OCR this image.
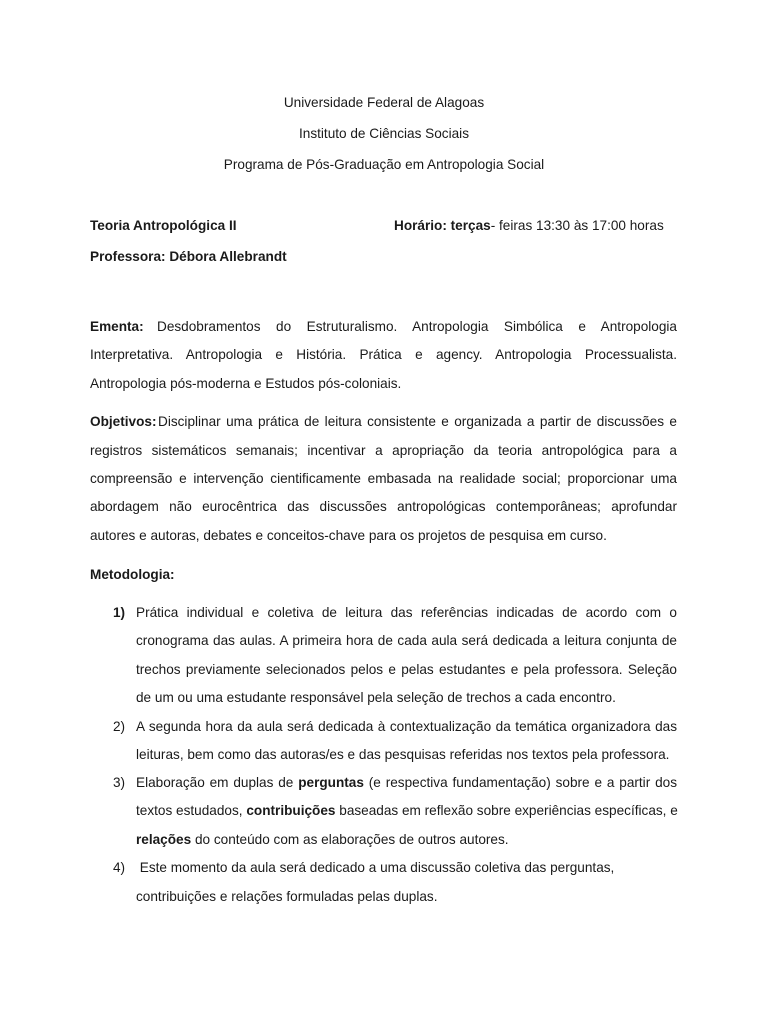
Universidade Federal de Alagoas
Instituto de Ciências Sociais
Programa de Pós-Graduação em Antropologia Social
Teoria Antropológica II	Horário: terças- feiras 13:30 às 17:00 horas
Professora: Débora Allebrandt
Ementa: Desdobramentos do Estruturalismo. Antropologia Simbólica e Antropologia
Interpretativa. Antropologia e História. Prática e agency. Antropologia Processualista.
Antropologia pós-moderna e Estudos pós-coloniais.
Objetivos: Disciplinar uma prática de leitura consistente e organizada a partir de discussões e
registros sistemáticos semanais; incentivar a apropriação da teoria antropológica para a
compreensão e intervenção cientificamente embasada na realidade social; proporcionar uma
abordagem não eurocêntrica das discussões antropológicas contemporâneas; aprofundar
autores e autoras, debates e conceitos-chave para os projetos de pesquisa em curso.
Metodologia:
1) Prática individual e coletiva de leitura das referências indicadas de acordo com o
cronograma das aulas. A primeira hora de cada aula será dedicada a leitura conjunta de
trechos previamente selecionados pelos e pelas estudantes e pela professora. Seleção
de um ou uma estudante responsável pela seleção de trechos a cada encontro.
2) A segunda hora da aula será dedicada à contextualização da temática organizadora das
leituras, bem como das autoras/es e das pesquisas referidas nos textos pela professora.
3) Elaboração em duplas de perguntas (e respectiva fundamentação) sobre e a partir dos
textos estudados, contribuições baseadas em reflexão sobre experiências específicas, e
relações do conteúdo com as elaborações de outros autores.
4) Este momento da aula será dedicado a uma discussão coletiva das perguntas,
contribuições e relações formuladas pelas duplas.
